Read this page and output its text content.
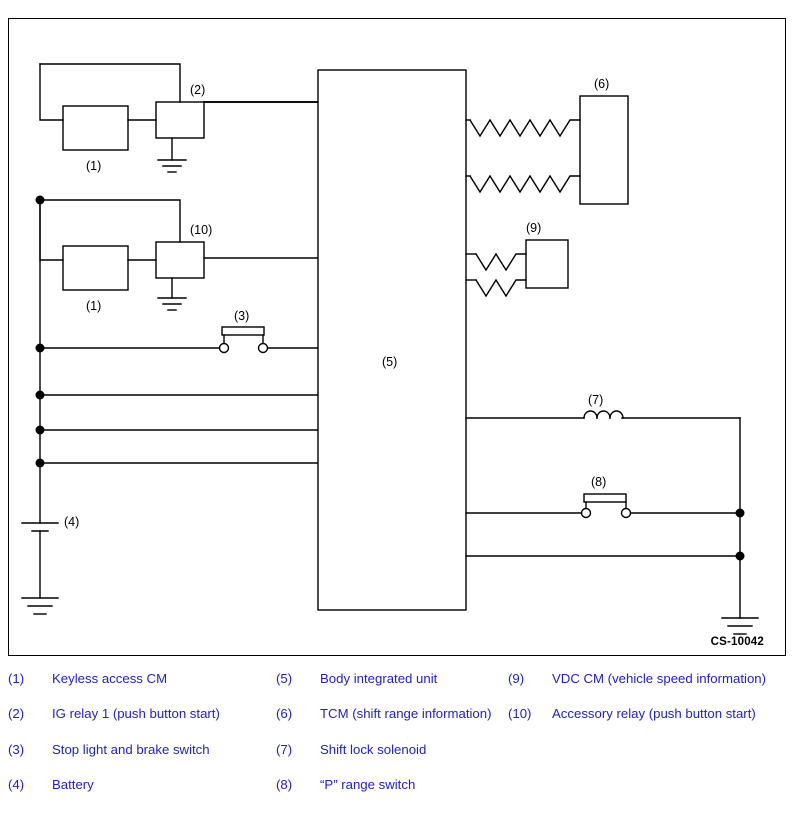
(1)
(2)
(1)
(10)
(3)
(4)
(5)
(6)
(9)
(7)
(8)
CS-10042
(1)	Keyless access CM
(2)	IG relay 1 (push button start)
(3)	Stop light and brake switch
(4)	Battery
(5)	Body integrated unit
(6)	TCM (shift range information)
(7)	Shift lock solenoid
(8)	“P” range switch
(9)	VDC CM (vehicle speed information)
(10)	Accessory relay (push button start)
